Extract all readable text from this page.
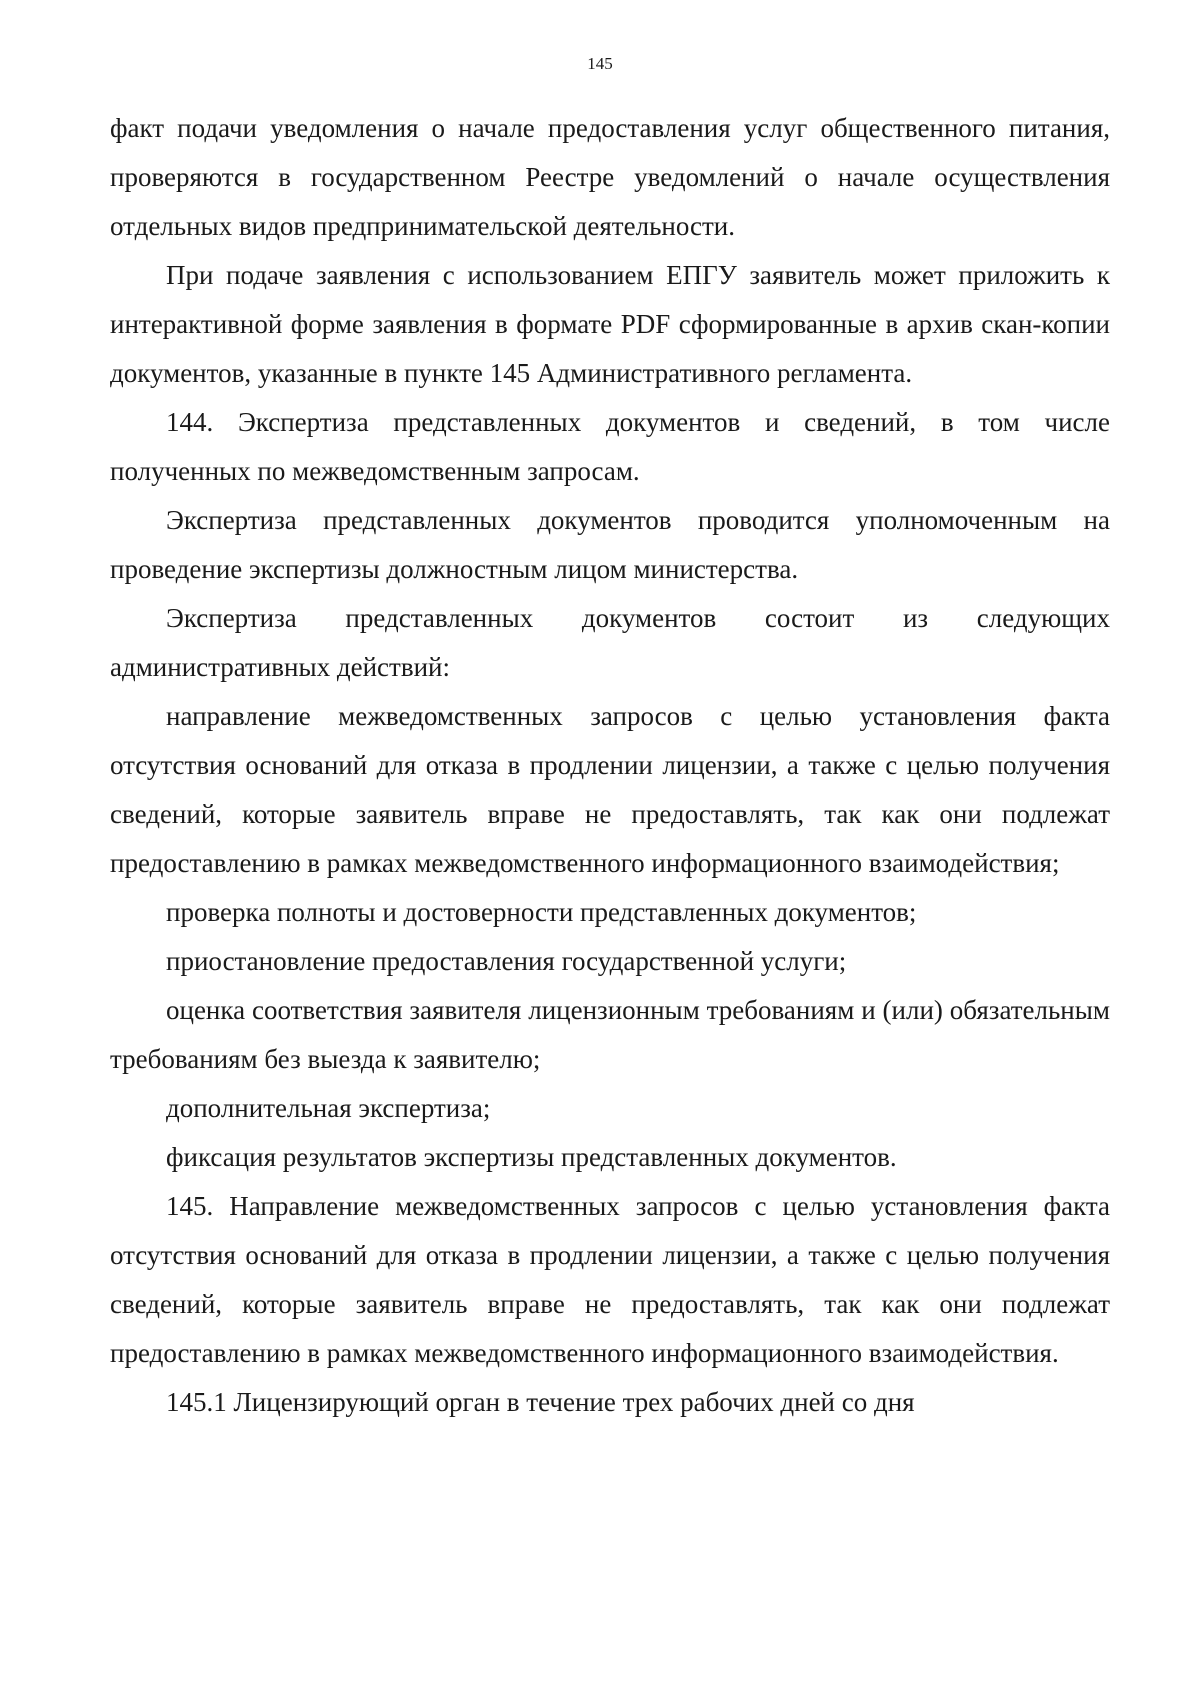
145

факт подачи уведомления о начале предоставления услуг общественного питания, проверяются в государственном Реестре уведомлений о начале осуществления отдельных видов предпринимательской деятельности.

При подаче заявления с использованием ЕПГУ заявитель может приложить к интерактивной форме заявления в формате PDF сформированные в архив скан-копии документов, указанные в пункте 145 Административного регламента.

144. Экспертиза представленных документов и сведений, в том числе полученных по межведомственным запросам.

Экспертиза представленных документов проводится уполномоченным на проведение экспертизы должностным лицом министерства.

Экспертиза представленных документов состоит из следующих административных действий:

направление межведомственных запросов с целью установления факта отсутствия оснований для отказа в продлении лицензии, а также с целью получения сведений, которые заявитель вправе не предоставлять, так как они подлежат предоставлению в рамках межведомственного информационного взаимодействия;

проверка полноты и достоверности представленных документов;

приостановление предоставления государственной услуги;

оценка соответствия заявителя лицензионным требованиям и (или) обязательным требованиям без выезда к заявителю;

дополнительная экспертиза;

фиксация результатов экспертизы представленных документов.

145. Направление межведомственных запросов с целью установления факта отсутствия оснований для отказа в продлении лицензии, а также с целью получения сведений, которые заявитель вправе не предоставлять, так как они подлежат предоставлению в рамках межведомственного информационного взаимодействия.

145.1 Лицензирующий орган в течение трех рабочих дней со дня
